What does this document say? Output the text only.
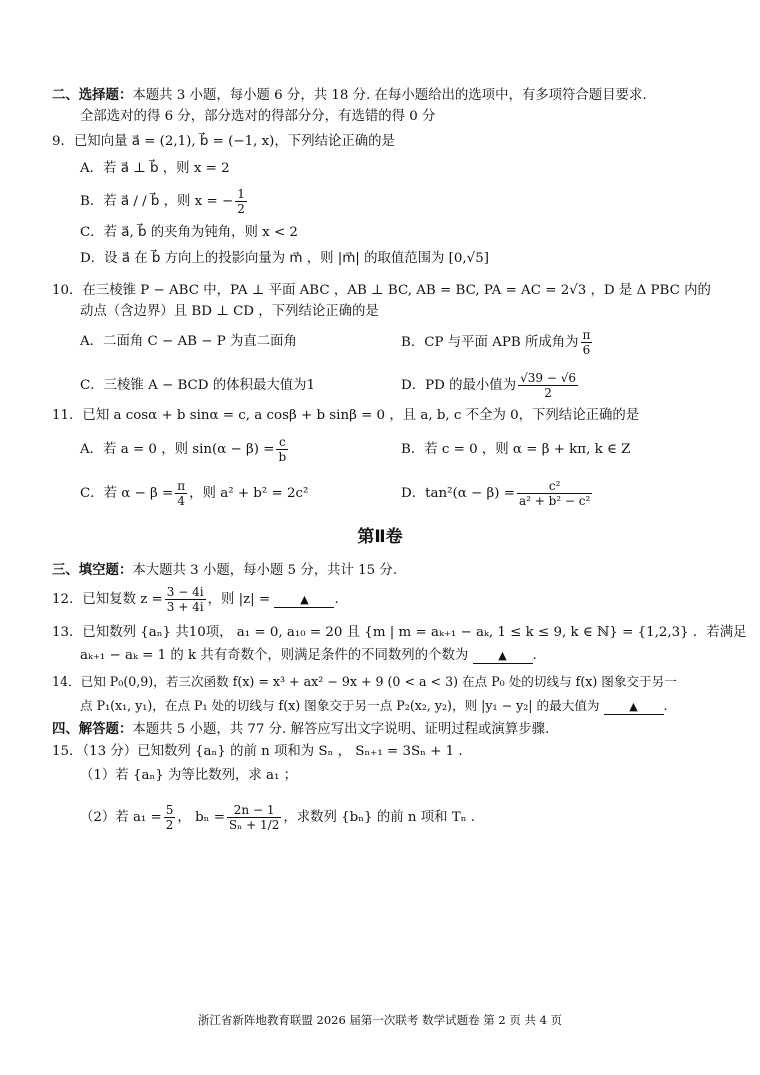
二、选择题：本题共 3 小题，每小题 6 分，共 18 分. 在每小题给出的选项中，有多项符合题目要求.
全部选对的得 6 分，部分选对的得部分分，有选错的得 0 分
9．已知向量 a⃗ = (2,1), b⃗ = (−1, x)，下列结论正确的是
A．若 a⃗ ⊥ b⃗ ，则 x = 2
B．若 a⃗ / / b⃗ ，则 x = − $\frac{1}{2}$
C．若 a⃗, b⃗ 的夹角为钝角，则 x < 2
D．设 a⃗ 在 b⃗ 方向上的投影向量为 m⃗ ，则 |m⃗| 的取值范围为 [0,√5]
10．在三棱锥 P − ABC 中，PA ⊥ 平面 ABC ，AB ⊥ BC, AB = BC, PA = AC = 2√3 ，D 是 Δ PBC 内的
动点（含边界）且 BD ⊥ CD ，下列结论正确的是
A．二面角 C − AB − P 为直二面角	B．CP 与平面 APB 所成角为 $\frac{\pi}{6}$
C．三棱锥 A − BCD 的体积最大值为1	D．PD 的最小值为 $\frac{√39 - √6}{2}$
11．已知 a cosα + b sinα = c, a cosβ + b sinβ = 0 ，且 a, b, c 不全为 0，下列结论正确的是
A．若 a = 0 ，则 $\sin(\alpha - \beta) = \frac{c}{b}$	B．若 c = 0 ，则 α = β + kπ, k ∈ Z
C．若 $\alpha - \beta = \frac{\pi}{4}$ ，则 a² + b² = 2c²	D．$\tan^2(\alpha - \beta) = \frac{\text{c²}}{\text{a² + b² − c²}}$
第Ⅱ卷
三、填空题：本大题共 3 小题，每小题 5 分，共计 15 分.
12．已知复数 $z = \frac{3 - 4i}{3 + 4i}$ ，则 |z| =	▲ .
13．已知数列 {aₙ} 共10项， a₁ = 0, a₁₀ = 20 且 {m | m = aₖ₊₁ − aₖ, 1 ≤ k ≤ 9, k ∈ ℕ} = {1,2,3} ．若满足
aₖ₊₁ − aₖ = 1 的 k 共有奇数个，则满足条件的不同数列的个数为	▲ .
14．已知 P₀(0,9)，若三次函数 f(x) = x³ + ax² − 9x + 9 (0 < a < 3) 在点 P₀ 处的切线与 f(x) 图象交于另一
点 P₁(x₁, y₁)，在点 P₁ 处的切线与 f(x) 图象交于另一点 P₂(x₂, y₂)，则 |y₁ − y₂| 的最大值为	▲ .
四、解答题：本题共 5 小题，共 77 分. 解答应写出文字说明、证明过程或演算步骤.
15．（13 分）已知数列 {aₙ} 的前 n 项和为 Sₙ ， Sₙ₊₁ = 3Sₙ + 1 .
（1）若 {aₙ} 为等比数列，求 a₁ ；
（2）若 $a_1 = \frac{5}{2}$ ， $b_n = \frac{2n - 1}{\text{Sₙ + 1/2}}$ ，求数列 {bₙ} 的前 n 项和 Tₙ .
浙江省新阵地教育联盟 2026 届第一次联考 数学试题卷 第 2 页 共 4 页
